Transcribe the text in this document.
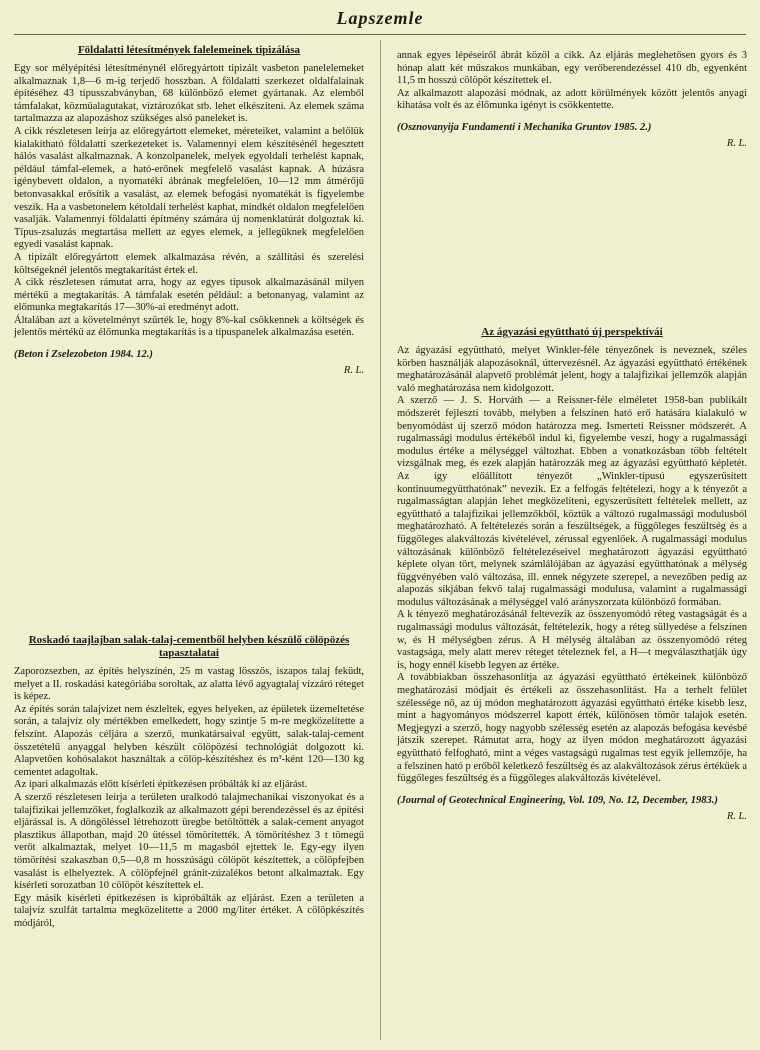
Lapszemle
Földalatti létesítmények falelemeinek tipizálása

Egy sor mélyépítési létesítménynél előregyártott tipizált vasbeton panelelemeket alkalmaznak 1,8—6 m-ig terjedő hosszban. A földalatti szerkezet oldalfalainak építéséhez 43 típusszabványban, 68 különböző elemet gyártanak. Az elemből támfalakat, közműalagutakat, víztározókat stb. lehet elkészíteni. Az elemek száma tartalmazza az alapozáshoz szükséges alsó paneleket is.

A cikk részletesen leírja az előregyártott elemeket, méreteiket, valamint a belőlük kialakítható földalatti szerkezeteket is. Valamennyi elem készítésénél hegesztett hálós vasalást alkalmaznak. A konzolpanelek, melyek egyoldali terhelést kapnak, például támfal-elemek, a ható-erőnek megfelelő vasalást kapnak. A húzásra igénybevett oldalon, a nyomatéki ábrának megfelelően, 10—12 mm átmérőjű betonvasakkal erősítik a vasalást, az elemek befogási nyomatékát is figyelembe veszik. Ha a vasbetonelem kétoldali terhelést kaphat, mindkét oldalon megfelelően vasalják. Valamennyi földalatti építmény számára új nomenklatúrát dolgoztak ki. Típus-zsaluzás megtartása mellett az egyes elemek, a jellegüknek megfelelően egyedi vasalást kapnak.

A tipizált előregyártott elemek alkalmazása révén, a szállítási és szerelési költségeknél jelentős megtakarítást értek el.

A cikk részletesen rámutat arra, hogy az egyes típusok alkalmazásánál milyen mértékű a megtakarítás. A támfalak esetén például: a betonanyag, valamint az előmunka megtakarítás 17—30%-ai eredményt adott.

Általában azt a követelményt szűrték le, hogy 8%-kal csökkennek a költségek és jelentős mértékű az élőmunka megtakarítás is a típuspanelek alkalmazása esetén.

(Beton i Zselezobeton 1984. 12.)
R. L.
Roskadó taajlajban salak-talaj-cementből helyben készülő cölöpözés tapasztalatai

Zaporozsezben, az építés helyszínén, 25 m vastag lösszös, iszapos talaj feküdt, melyet a II. roskadási kategóriába soroltak, az alatta lévő agyagtalaj vízzáró réteget is képez.

Az építés során talajvizet nem észleltek, egyes helyeken, az épületek üzemeltetése során, a talajvíz oly mértékben emelkedett, hogy szintje 5 m-re megközelítette a felszínt. Alapozás céljára a szerző, munkatársaival együtt, salak-talaj-cement összetételű anyaggal helyben készült cölöpözési technológiát dolgozott ki. Alapvetően kohósalakot használtak a cölöp-készítéshez és m³-ként 120—130 kg cementet adagoltak.

Az ipari alkalmazás előtt kísérleti építkezésen próbálták ki az eljárást.

A szerző részletesen leírja a területen uralkodó talajmechanikai viszonyokat és a talajfizikai jellemzőket, foglalkozik az alkalmazott gépi berendezéssel és az építési eljárással is. A döngöléssel létrehozott üregbe betöltötték a salak-cement anyagot plasztikus állapotban, majd 20 ütéssel tömörítették. A tömörítéshez 3 t tömegű verőt alkalmaztak, melyet 10—11,5 m magasból ejtettek le. Egy-egy ilyen tömörítési szakaszban 0,5—0,8 m hosszúságú cölöpöt készítettek, a cölöpfejben vasalást is elhelyeztek. A cölöpfejnél gránit-zúzalékos betont alkalmaztak. Egy kísérleti sorozatban 10 cölöpöt készítettek el.

Egy másik kísérleti építkezésen is kipróbálták az eljárást. Ezen a területen a talajvíz szulfát tartalma megközelítette a 2000 mg/liter értéket. A cölöpkészítés módjáról,

annak egyes lépéseiről ábrát közöl a cikk. Az eljárás meglehetősen gyors és 3 hónap alatt két műszakos munkában, egy verőberendezéssel 410 db, egyenként 11,5 m hosszú cölöpöt készítettek el.

Az alkalmazott alapozási módnak, az adott körülmények között jelentős anyagi kihatása volt és az élőmunka igényt is csökkentette.

(Osznovanyija Fundamenti i Mechanika Gruntov 1985. 2.)
R. L.
Az ágyazási együttható új perspektívái

Az ágyazási együttható, melyet Winkler-féle tényezőnek is neveznek, széles körben használják alapozásoknál, úttervezésnél. Az ágyazási együttható értékének meghatározásánál alapvető problémát jelent, hogy a talajfizikai jellemzők alapján való meghatározása nem kidolgozott.

A szerző — J. S. Horváth — a Reissner-féle elméletet 1958-ban publikált módszerét fejleszti tovább, melyben a felszínen ható erő hatására kialakuló w benyomódást új szerző módon határozza meg. Ismerteti Reissner módszerét. A rugalmassági modulus értékéből indul ki, figyelembe veszi, hogy a rugalmassági modulus értéke a mélységgel változhat. Ebben a vonatkozásban több feltételt vizsgálnak meg, és ezek alapján határozzák meg az ágyazási együttható képletét. Az így előállított tényezőt „Winkler-típusú egyszerűsített kontinuumegyütthatónak” nevezik. Ez a felfogás feltételezi, hogy a k tényezőt a rugalmasságtan alapján lehet megközelíteni, egyszerűsített feltételek mellett, az együttható a talajfizikai jellemzőkből, köztük a változó rugalmassági modulusból meghatározható. A feltételezés során a feszültségek, a függőleges feszültség és a függőleges alakváltozás kivételével, zérussal egyenlőek. A rugalmassági modulus változásának különböző feltételezéseivel meghatározott ágyazási együttható képlete olyan tört, melynek számlálójában az ágyazási együtthatónak a mélység függvényében való változása, ill. ennek négyzete szerepel, a nevezőben pedig az alapozás síkjában fekvő talaj rugalmassági modulusa, valamint a rugalmassági modulus változásának a mélységgel való arányszorzata különböző formában.

A k tényező meghatározásánál feltevezik az összenyomódó réteg vastagságát és a rugalmassági modulus változását, feltételezik, hogy a réteg süllyedése a felszínen w, és H mélységben zérus. A H mélység általában az összenyomódó réteg vastagsága, mely alatt merev réteget tételeznek fel, a H—t megválaszthatják úgy is, hogy ennél kisebb legyen az értéke.

A továbbiakban összehasonlítja az ágyazási együttható értékeinek különböző meghatározási módjait és értékeli az összehasonlítást. Ha a terhelt felület szélessége nő, az új módon meghatározott ágyazási együttható értéke kisebb lesz, mint a hagyományos módszerrel kapott érték, különösen tömör talajok esetén. Megjegyzi a szerző, hogy nagyobb szélesség esetén az alapozás befogása kevésbé játszik szerepet. Rámutat arra, hogy az ilyen módon meghatározott ágyazási együttható felfogható, mint a véges vastagságú rugalmas test egyik jellemzője, ha a felszínen ható p erőből keletkező feszültség és az alakváltozások zérus értékűek a függőleges feszültség és a függőleges alakváltozás kivételével.

(Journal of Geotechnical Engineering, Vol. 109, No. 12, December, 1983.)
R. L.
